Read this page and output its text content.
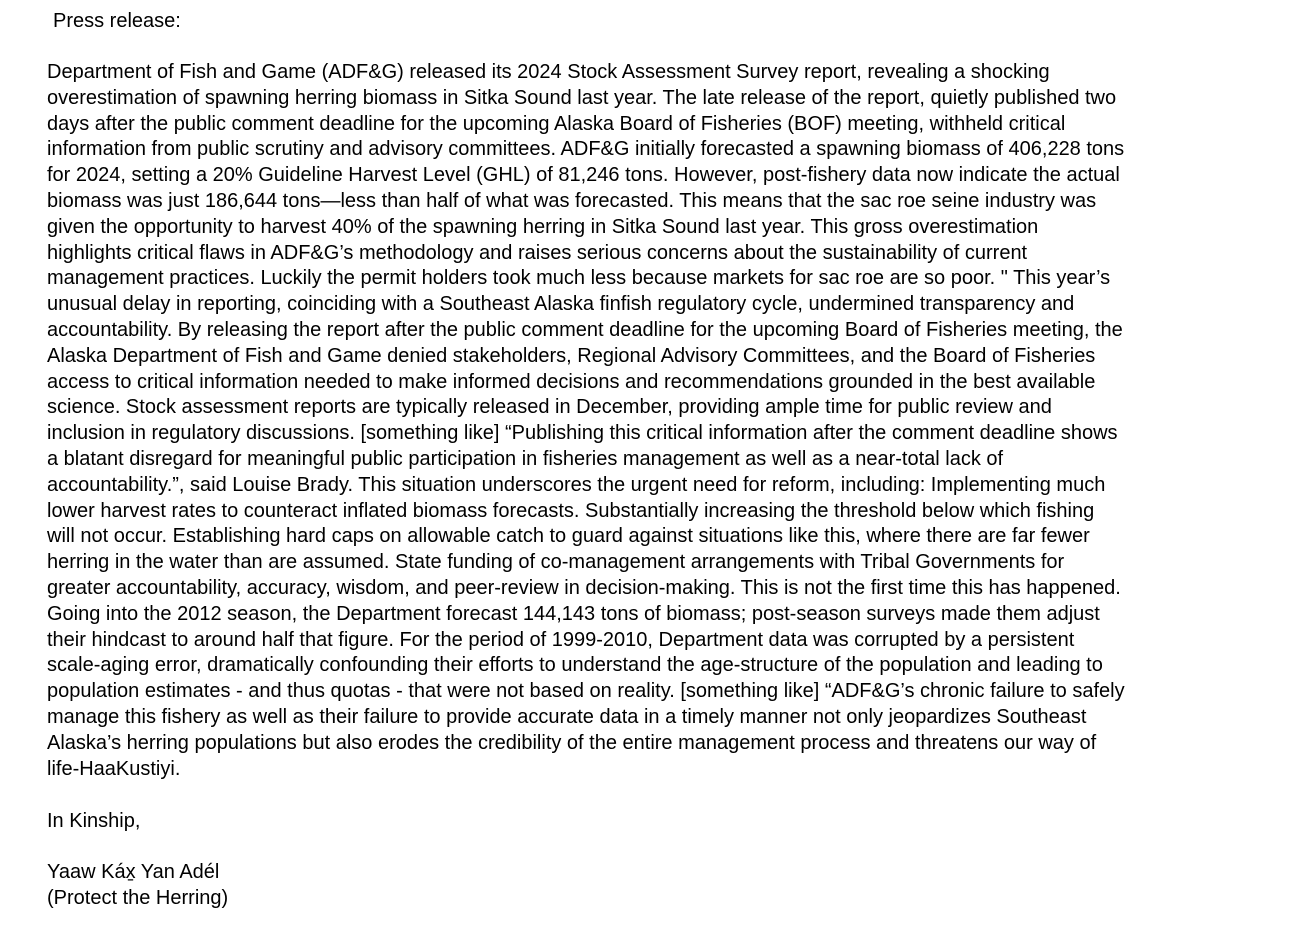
Press release:
Department of Fish and Game (ADF&G) released its 2024 Stock Assessment Survey report, revealing a shocking
overestimation of spawning herring biomass in Sitka Sound last year. The late release of the report, quietly published two
days after the public comment deadline for the upcoming Alaska Board of Fisheries (BOF) meeting, withheld critical
information from public scrutiny and advisory committees. ADF&G initially forecasted a spawning biomass of 406,228 tons
for 2024, setting a 20% Guideline Harvest Level (GHL) of 81,246 tons. However, post-fishery data now indicate the actual
biomass was just 186,644 tons—less than half of what was forecasted. This means that the sac roe seine industry was
given the opportunity to harvest 40% of the spawning herring in Sitka Sound last year. This gross overestimation
highlights critical flaws in ADF&G’s methodology and raises serious concerns about the sustainability of current
management practices. Luckily the permit holders took much less because markets for sac roe are so poor. " This year’s
unusual delay in reporting, coinciding with a Southeast Alaska finfish regulatory cycle, undermined transparency and
accountability. By releasing the report after the public comment deadline for the upcoming Board of Fisheries meeting, the
Alaska Department of Fish and Game denied stakeholders, Regional Advisory Committees, and the Board of Fisheries
access to critical information needed to make informed decisions and recommendations grounded in the best available
science. Stock assessment reports are typically released in December, providing ample time for public review and
inclusion in regulatory discussions. [something like] “Publishing this critical information after the comment deadline shows
a blatant disregard for meaningful public participation in fisheries management as well as a near-total lack of
accountability.”, said Louise Brady. This situation underscores the urgent need for reform, including: Implementing much
lower harvest rates to counteract inflated biomass forecasts. Substantially increasing the threshold below which fishing
will not occur. Establishing hard caps on allowable catch to guard against situations like this, where there are far fewer
herring in the water than are assumed. State funding of co-management arrangements with Tribal Governments for
greater accountability, accuracy, wisdom, and peer-review in decision-making. This is not the first time this has happened.
Going into the 2012 season, the Department forecast 144,143 tons of biomass; post-season surveys made them adjust
their hindcast to around half that figure. For the period of 1999-2010, Department data was corrupted by a persistent
scale-aging error, dramatically confounding their efforts to understand the age-structure of the population and leading to
population estimates - and thus quotas - that were not based on reality. [something like] “ADF&G’s chronic failure to safely
manage this fishery as well as their failure to provide accurate data in a timely manner not only jeopardizes Southeast
Alaska’s herring populations but also erodes the credibility of the entire management process and threatens our way of
life-HaaKustiyi.
In Kinship,
Yaaw Káx̱ Yan Adél
(Protect the Herring)
